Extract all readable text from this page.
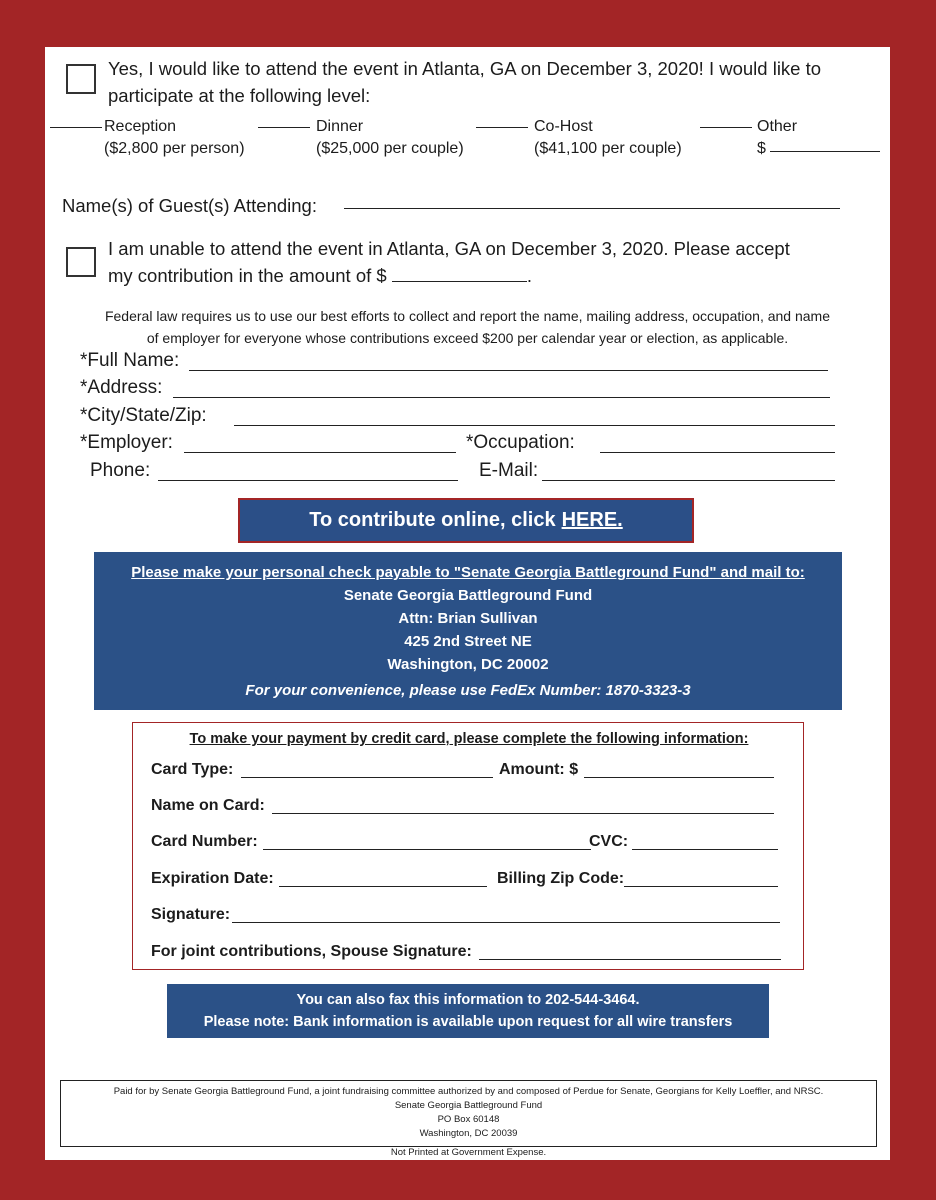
Yes, I would like to attend the event in Atlanta, GA on December 3, 2020! I would like to
participate at the following level:
Reception
($2,800 per person)
Dinner
($25,000 per couple)
Co-Host
($41,100 per couple)
Other
$
Name(s) of Guest(s) Attending:
I am unable to attend the event in Atlanta, GA on December 3, 2020. Please accept
my contribution in the amount of $	.
Federal law requires us to use our best efforts to collect and report the name, mailing address, occupation, and name
of employer for everyone whose contributions exceed $200 per calendar year or election, as applicable.
*Full Name:
*Address:
*City/State/Zip:
*Employer:	*Occupation:
Phone:	E-Mail:
To contribute online, click HERE.
Please make your personal check payable to "Senate Georgia Battleground Fund" and mail to:
Senate Georgia Battleground Fund
Attn: Brian Sullivan
425 2nd Street NE
Washington, DC 20002
For your convenience, please use FedEx Number: 1870-3323-3
To make your payment by credit card, please complete the following information:
Card Type:	Amount: $
Name on Card:
Card Number:	CVC:
Expiration Date:	Billing Zip Code:
Signature:
For joint contributions, Spouse Signature:
You can also fax this information to 202-544-3464.
Please note: Bank information is available upon request for all wire transfers
Paid for by Senate Georgia Battleground Fund, a joint fundraising committee authorized by and composed of Perdue for Senate, Georgians for Kelly Loeffler, and NRSC.
Senate Georgia Battleground Fund
PO Box 60148
Washington, DC 20039
Not Printed at Government Expense.
